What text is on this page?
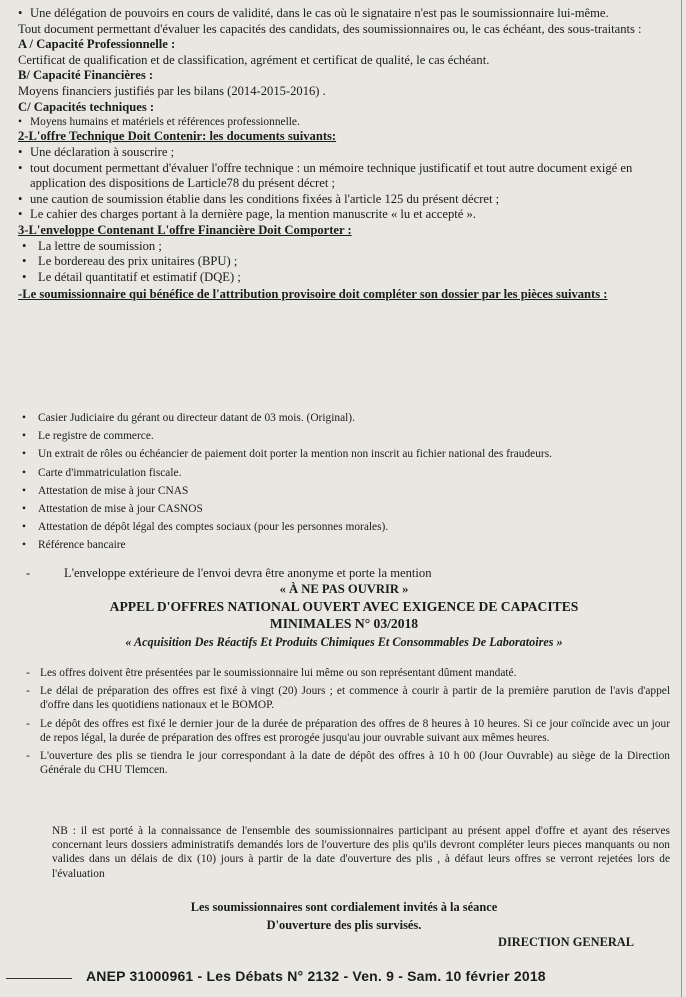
• Une délégation de pouvoirs en cours de validité, dans le cas où le signataire n'est pas le soumissionnaire lui-même.

Tout document permettant d'évaluer les capacités des candidats, des soumissionnaires ou, le cas échéant, des sous-traitants :

A / Capacité Professionnelle :

Certificat de qualification et de classification, agrément et certificat de qualité, le cas échéant.

B/ Capacité Financières :

Moyens financiers justifiés par les bilans (2014-2015-2016) .

C/ Capacités techniques :

• Moyens humains et matériels et références professionnelle.

2-L'offre Technique Doit Contenir: les documents suivants:

• Une déclaration à souscrire ;

• tout document permettant d'évaluer l'offre technique : un mémoire technique justificatif et tout autre document exigé en application des dispositions de Larticle78 du présent décret ;

• une caution de soumission établie dans les conditions fixées à l'article 125 du présent décret ;

• Le cahier des charges portant à la dernière page, la mention manuscrite « lu et accepté ».

3-L'enveloppe Contenant L'offre Financière Doit Comporter :

• La lettre de soumission ;

• Le bordereau des prix unitaires (BPU) ;

• Le détail quantitatif et estimatif (DQE) ;

-Le soumissionnaire qui bénéfice de l'attribution provisoire doit compléter son dossier par les pièces suivants :

• Casier Judiciaire du gérant ou directeur datant de 03 mois. (Original).

• Le registre de commerce.

• Un extrait de rôles ou échéancier de paiement doit porter la mention non inscrit au fichier national des fraudeurs.

• Carte d'immatriculation fiscale.

• Attestation de mise à jour CNAS

• Attestation de mise à jour CASNOS

• Attestation de dépôt légal des comptes sociaux (pour les personnes morales).

• Référence bancaire

- L'enveloppe extérieure de l'envoi devra être anonyme et porte la mention

« À NE PAS OUVRIR »

APPEL D'OFFRES NATIONAL OUVERT AVEC EXIGENCE DE CAPACITES

MINIMALES N° 03/2018

« Acquisition Des Réactifs Et Produits Chimiques Et Consommables De Laboratoires »

- Les offres doivent être présentées par le soumissionnaire lui même ou son représentant dûment mandaté.

- Le délai de préparation des offres est fixé à vingt (20) Jours ; et commence à courir à partir de la première parution de l'avis d'appel d'offre dans les quotidiens nationaux et le BOMOP.

- Le dépôt des offres est fixé le dernier jour de la durée de préparation des offres de 8 heures à 10 heures. Si ce jour coïncide avec un jour de repos légal, la durée de préparation des offres est prorogée jusqu'au jour ouvrable suivant aux mêmes heures.

- L'ouverture des plis se tiendra le jour correspondant à la date de dépôt des offres à 10 h 00 (Jour Ouvrable) au siège de la Direction Générale du CHU Tlemcen.

NB : il est porté à la connaissance de l'ensemble des soumissionnaires participant au présent appel d'offre et ayant des réserves concernant leurs dossiers administratifs demandés lors de l'ouverture des plis qu'ils devront compléter leurs pieces manquants ou non valides dans un délais de dix (10) jours à partir de la date d'ouverture des plis , à défaut leurs offres se verront rejetées lors de l'évaluation

Les soumissionnaires sont cordialement invités à la séance

D'ouverture des plis survisés.

DIRECTION GENERAL

ANEP 31000961 - Les Débats N° 2132 - Ven. 9 - Sam. 10 février 2018
